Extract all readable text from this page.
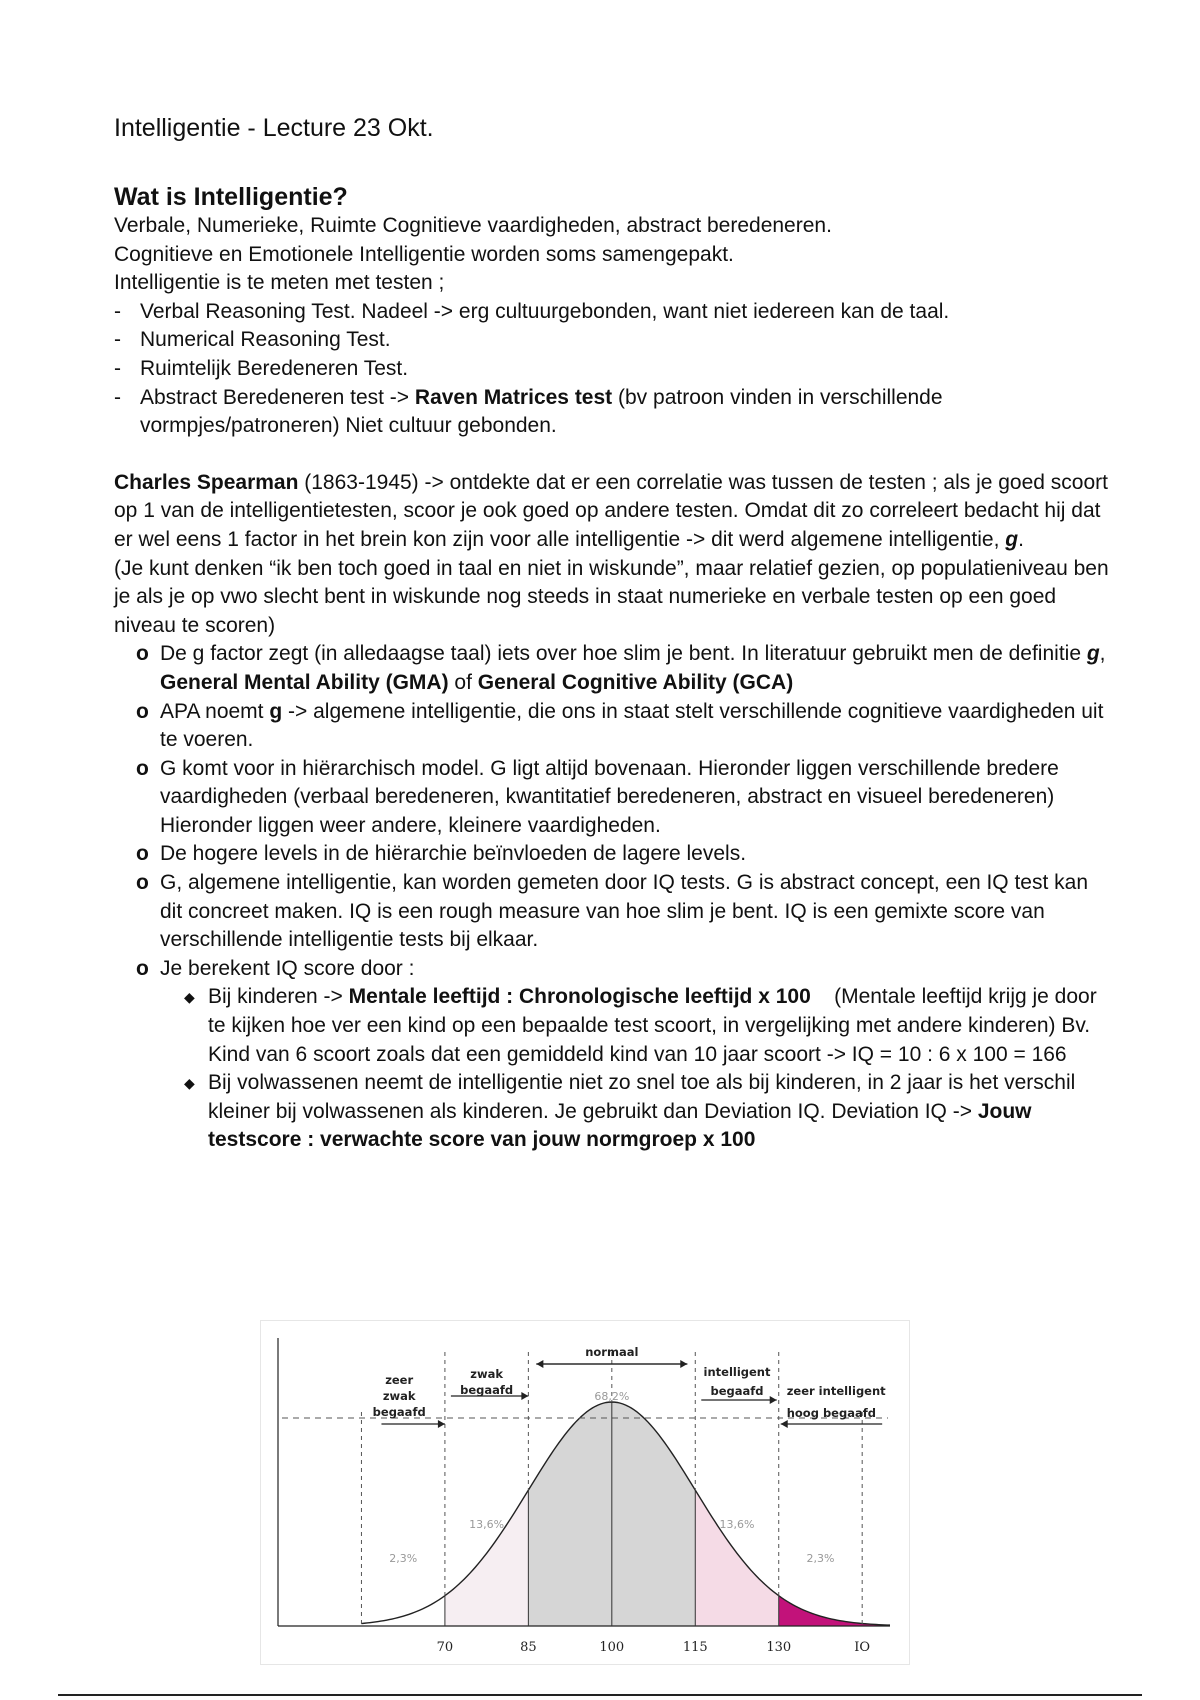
Intelligentie - Lecture 23 Okt.
Wat is Intelligentie?

Verbale, Numerieke, Ruimte Cognitieve vaardigheden, abstract beredeneren.

Cognitieve en Emotionele Intelligentie worden soms samengepakt.

Intelligentie is te meten met testen ;

- Verbal Reasoning Test. Nadeel -> erg cultuurgebonden, want niet iedereen kan de taal.
- Numerical Reasoning Test.
- Ruimtelijk Beredeneren Test.
- Abstract Beredeneren test -> Raven Matrices test (bv patroon vinden in verschillende vormpjes/patroneren) Niet cultuur gebonden.

Charles Spearman (1863-1945) -> ontdekte dat er een correlatie was tussen de testen ; als je goed scoort op 1 van de intelligentietesten, scoor je ook goed op andere testen. Omdat dit zo correleert bedacht hij dat er wel eens 1 factor in het brein kon zijn voor alle intelligentie -> dit werd algemene intelligentie, g.

(Je kunt denken “ik ben toch goed in taal en niet in wiskunde”, maar relatief gezien, op populatieniveau ben je als je op vwo slecht bent in wiskunde nog steeds in staat numerieke en verbale testen op een goed niveau te scoren)

o De g factor zegt (in alledaagse taal) iets over hoe slim je bent. In literatuur gebruikt men de definitie g, General Mental Ability (GMA) of General Cognitive Ability (GCA)
o APA noemt g -> algemene intelligentie, die ons in staat stelt verschillende cognitieve vaardigheden uit te voeren.
o G komt voor in hiërarchisch model. G ligt altijd bovenaan. Hieronder liggen verschillende bredere vaardigheden (verbaal beredeneren, kwantitatief beredeneren, abstract en visueel beredeneren) Hieronder liggen weer andere, kleinere vaardigheden.
o De hogere levels in de hiërarchie beïnvloeden de lagere levels.
o G, algemene intelligentie, kan worden gemeten door IQ tests. G is abstract concept, een IQ test kan dit concreet maken. IQ is een rough measure van hoe slim je bent. IQ is een gemixte score van verschillende intelligentie tests bij elkaar.
o Je berekent IQ score door :
◆ Bij kinderen -> Mentale leeftijd : Chronologische leeftijd x 100    (Mentale leeftijd krijg je door te kijken hoe ver een kind op een bepaalde test scoort, in vergelijking met andere kinderen) Bv. Kind van 6 scoort zoals dat een gemiddeld kind van 10 jaar scoort -> IQ = 10 : 6 x 100 = 166
◆ Bij volwassenen neemt de intelligentie niet zo snel toe als bij kinderen, in 2 jaar is het verschil kleiner bij volwassenen als kinderen. Je gebruikt dan Deviation IQ. Deviation IQ -> Jouw testscore : verwachte score van jouw normgroep x 100
70	85	100	115	130	IO
68,2%
13,6%	13,6%
2,3%	2,3%
zeer
zwak
begaafd
zwak
begaafd
normaal
intelligent
begaafd zeer intelligent
hoog begaafd
